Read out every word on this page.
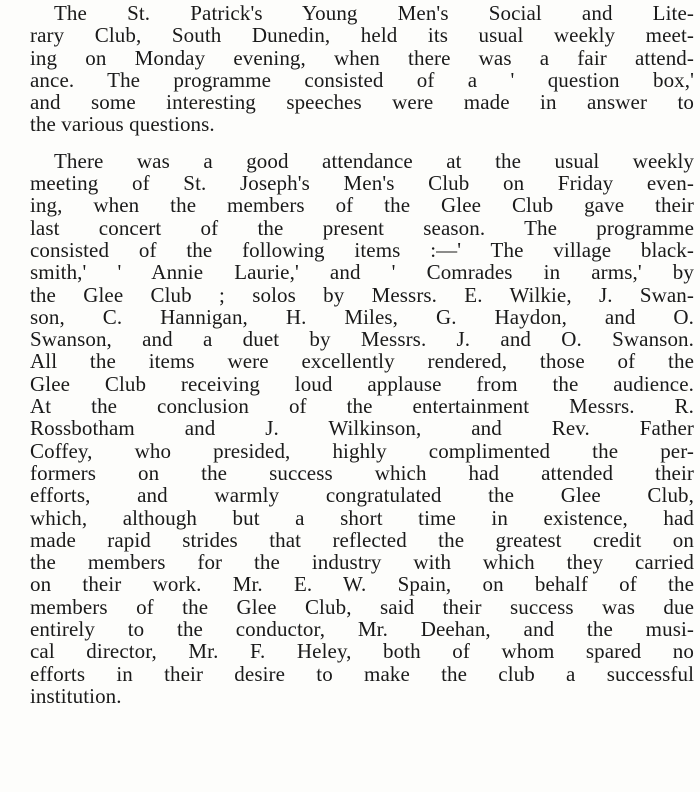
The St. Patrick's Young Men's Social and Lite-
rary Club, South Dunedin, held its usual weekly meet-
ing on Monday evening, when there was a fair attend-
ance. The programme consisted of a ' question box,'
and some interesting speeches were made in answer to
the various questions.

There was a good attendance at the usual weekly
meeting of St. Joseph's Men's Club on Friday even-
ing, when the members of the Glee Club gave their
last concert of the present season. The programme
consisted of the following items :—' The village black-
smith,' ' Annie Laurie,' and ' Comrades in arms,' by
the Glee Club ; solos by Messrs. E. Wilkie, J. Swan-
son, C. Hannigan, H. Miles, G. Haydon, and O.
Swanson, and a duet by Messrs. J. and O. Swanson.
All the items were excellently rendered, those of the
Glee Club receiving loud applause from the audience.
At the conclusion of the entertainment Messrs. R.
Rossbotham and J. Wilkinson, and Rev. Father
Coffey, who presided, highly complimented the per-
formers on the success which had attended their
efforts, and warmly congratulated the Glee Club,
which, although but a short time in existence, had
made rapid strides that reflected the greatest credit on
the members for the industry with which they carried
on their work. Mr. E. W. Spain, on behalf of the
members of the Glee Club, said their success was due
entirely to the conductor, Mr. Deehan, and the musi-
cal director, Mr. F. Heley, both of whom spared no
efforts in their desire to make the club a successful
institution.
